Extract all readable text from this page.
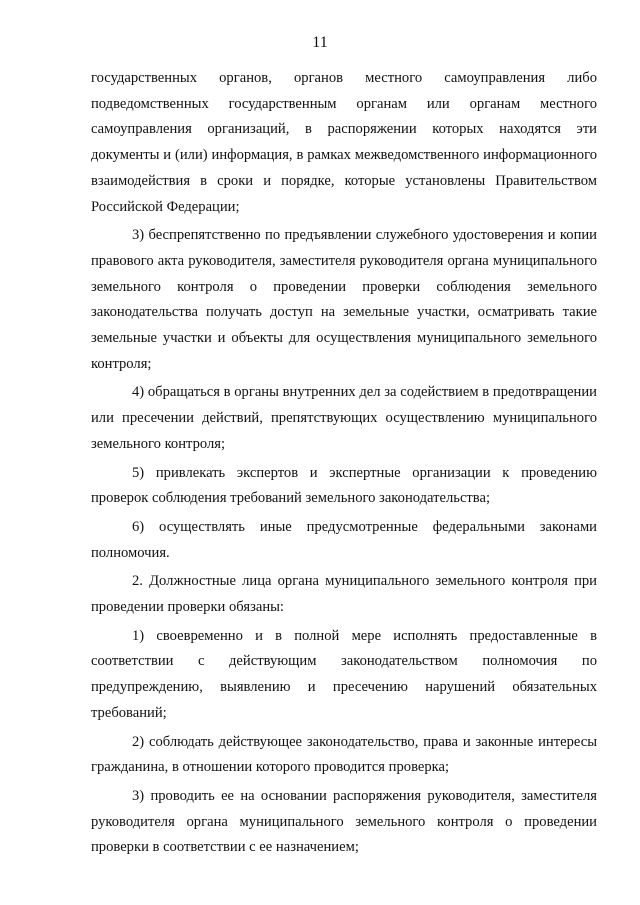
11

государственных органов, органов местного самоуправления либо подведомственных государственным органам или органам местного самоуправления организаций, в распоряжении которых находятся эти документы и (или) информация, в рамках межведомственного информационного взаимодействия в сроки и порядке, которые установлены Правительством Российской Федерации;

3) беспрепятственно по предъявлении служебного удостоверения и копии правового акта руководителя, заместителя руководителя органа муниципального земельного контроля о проведении проверки соблюдения земельного законодательства получать доступ на земельные участки, осматривать такие земельные участки и объекты для осуществления муниципального земельного контроля;

4) обращаться в органы внутренних дел за содействием в предотвращении или пресечении действий, препятствующих осуществлению муниципального земельного контроля;

5) привлекать экспертов и экспертные организации к проведению проверок соблюдения требований земельного законодательства;

6) осуществлять иные предусмотренные федеральными законами полномочия.

2. Должностные лица органа муниципального земельного контроля при проведении проверки обязаны:

1) своевременно и в полной мере исполнять предоставленные в соответствии с действующим законодательством полномочия по предупреждению, выявлению и пресечению нарушений обязательных требований;

2) соблюдать действующее законодательство, права и законные интересы гражданина, в отношении которого проводится проверка;

3) проводить ее на основании распоряжения руководителя, заместителя руководителя органа муниципального земельного контроля о проведении проверки в соответствии с ее назначением;
